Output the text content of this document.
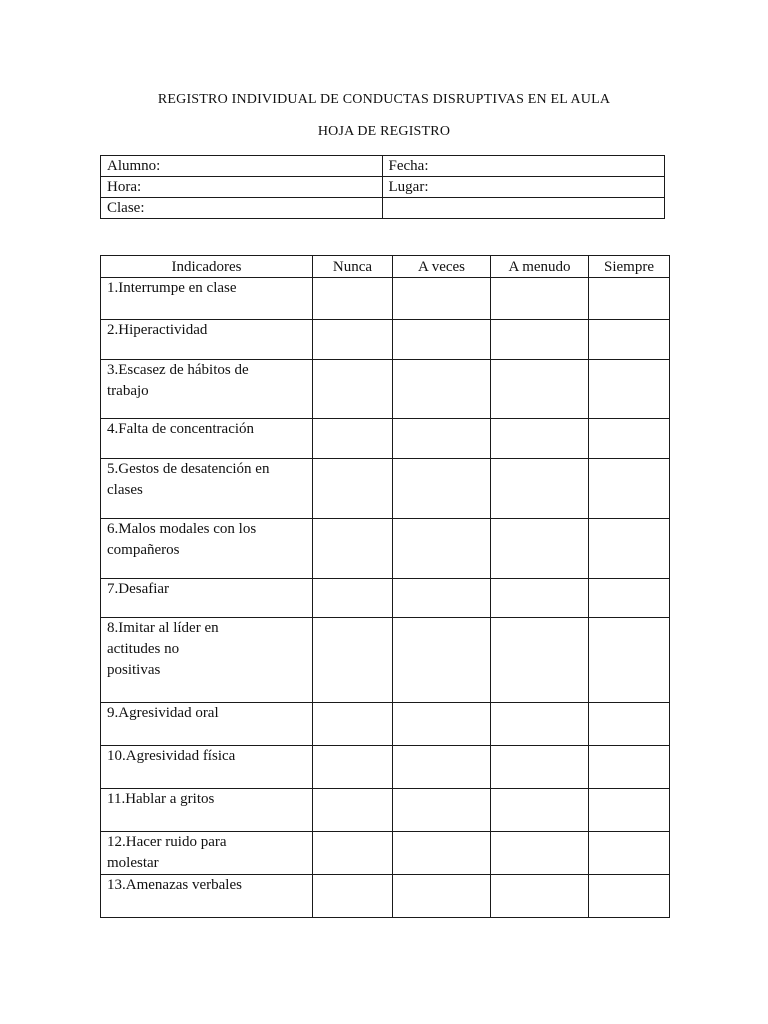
REGISTRO INDIVIDUAL DE CONDUCTAS DISRUPTIVAS EN EL AULA
HOJA DE REGISTRO
Alumno:	Fecha:
Hora:	Lugar:
Clase:	
Indicadores	Nunca	A veces	A menudo	Siempre

1.Interrumpe en clase				

2.Hiperactividad				

3.Escasez de hábitos de
trabajo				

4.Falta de concentración				

5.Gestos de desatención en
clases				

6.Malos modales con los
compañeros				

7.Desafiar				

8.Imitar al líder en
actitudes no
positivas				

9.Agresividad oral				

10.Agresividad física				

11.Hablar a gritos				

12.Hacer ruido para
molestar				

13.Amenazas verbales				
